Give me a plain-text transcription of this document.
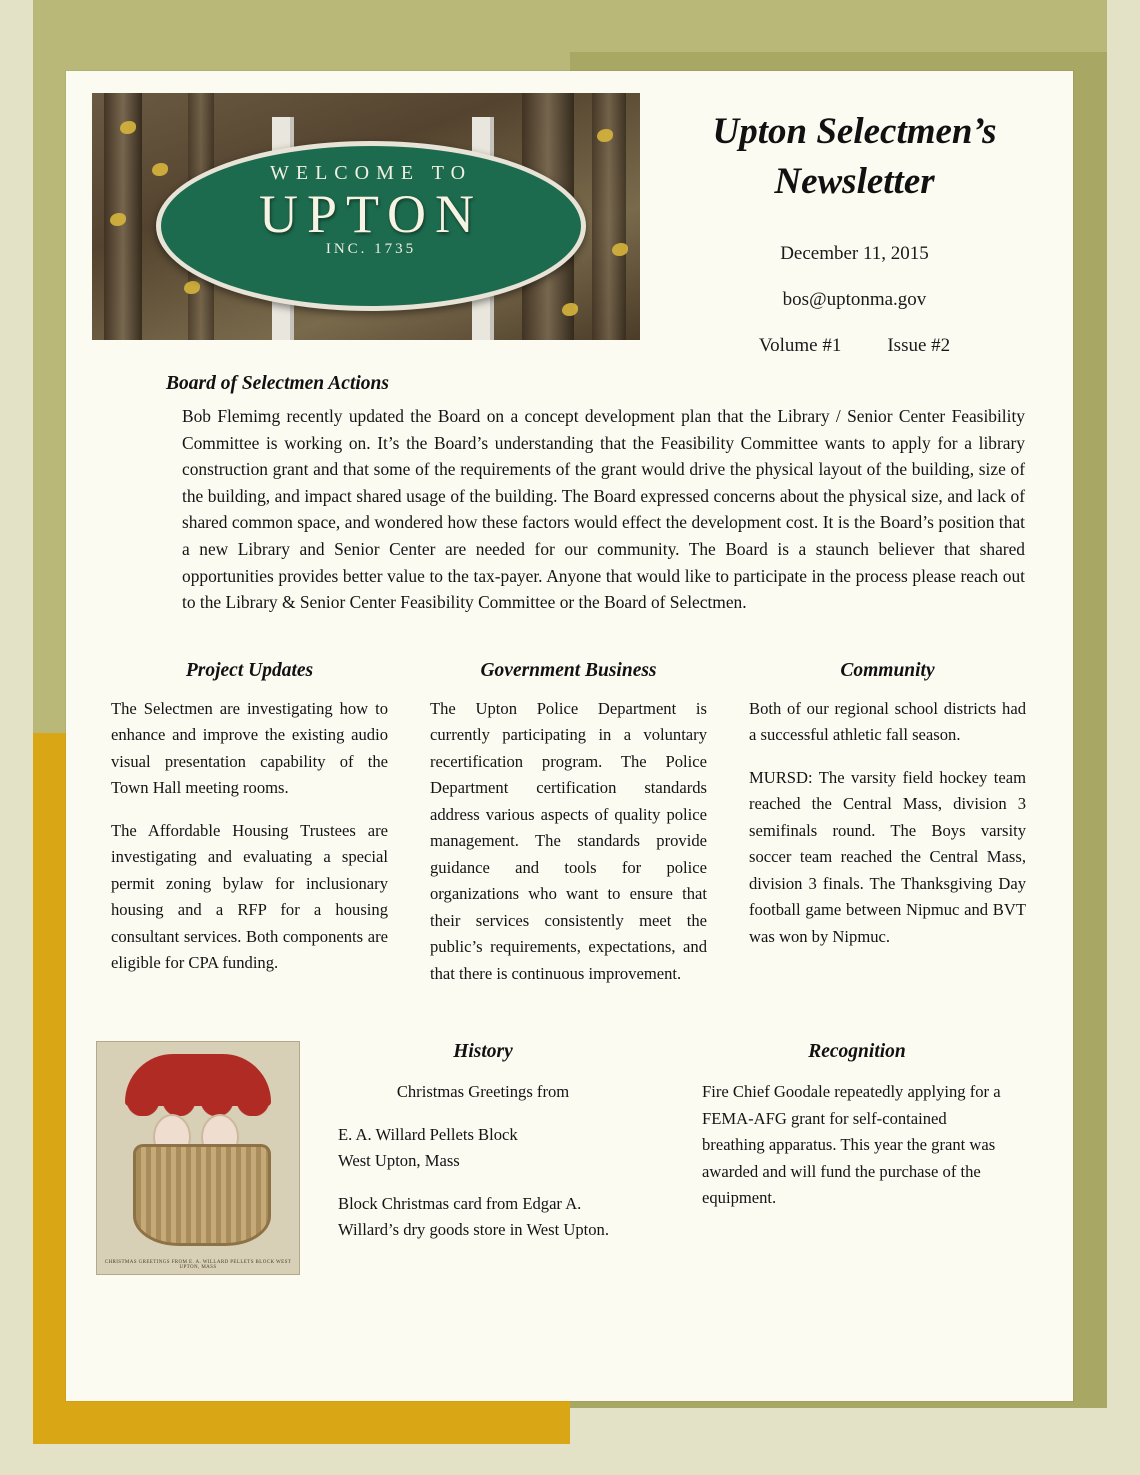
WELCOME TO
UPTON
INC. 1735
Upton Selectmen’s Newsletter
December 11, 2015
bos@uptonma.gov
Volume #1 Issue #2
Board of Selectmen Actions
Bob Flemimg recently updated the Board on a concept development plan that the Library / Senior Center Feasibility Committee is working on. It’s the Board’s understanding that the Feasibility Committee wants to apply for a library construction grant and that some of the requirements of the grant would drive the physical layout of the building, size of the building, and impact shared usage of the building. The Board expressed concerns about the physical size, and lack of shared common space, and wondered how these factors would effect the development cost. It is the Board’s position that a new Library and Senior Center are needed for our community. The Board is a staunch believer that shared opportunities provides better value to the tax-payer. Anyone that would like to participate in the process please reach out to the Library & Senior Center Feasibility Committee or the Board of Selectmen.
Project Updates

The Selectmen are investigating how to enhance and improve the existing audio visual presentation capability of the Town Hall meeting rooms.

The Affordable Housing Trustees are investigating and evaluating a special permit zoning bylaw for inclusionary housing and a RFP for a housing consultant services. Both components are eligible for CPA funding.

Government Business

The Upton Police Department is currently participating in a voluntary recertification program. The Police Department certification standards address various aspects of quality police management. The standards provide guidance and tools for police organizations who want to ensure that their services consistently meet the public’s requirements, expectations, and that there is continuous improvement.

Community

Both of our regional school districts had a successful athletic fall season.

MURSD: The varsity field hockey team reached the Central Mass, division 3 semifinals round. The Boys varsity soccer team reached the Central Mass, division 3 finals. The Thanksgiving Day football game between Nipmuc and BVT was won by Nipmuc.

CHRISTMAS GREETINGS FROM E. A. WILLARD PELLETS BLOCK WEST UPTON, MASS
History

Christmas Greetings from

E. A. Willard Pellets Block
West Upton, Mass

Block Christmas card from Edgar A. Willard’s dry goods store in West Upton.

Recognition

Fire Chief Goodale repeatedly applying for a FEMA-AFG grant for self-contained breathing apparatus. This year the grant was awarded and will fund the purchase of the equipment.
